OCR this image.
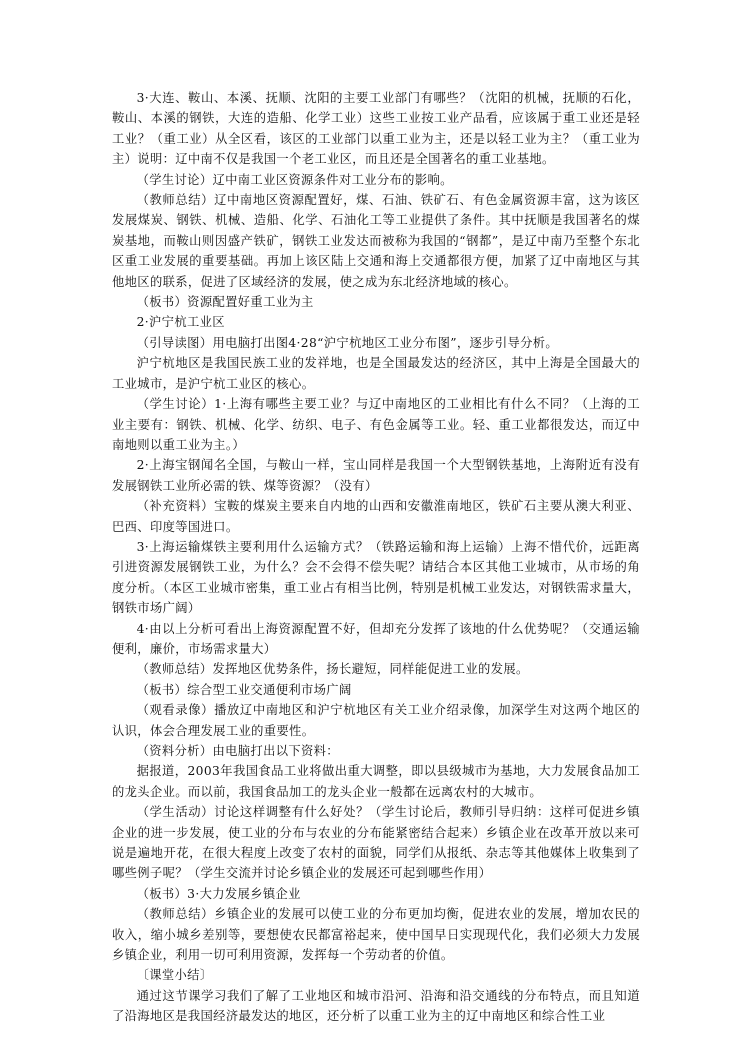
3·大连、鞍山、本溪、抚顺、沈阳的主要工业部门有哪些？（沈阳的机械，抚顺的石化，鞍山、本溪的钢铁，大连的造船、化学工业）这些工业按工业产品看，应该属于重工业还是轻工业？（重工业）从全区看，该区的工业部门以重工业为主，还是以轻工业为主？（重工业为主）说明：辽中南不仅是我国一个老工业区，而且还是全国著名的重工业基地。

（学生讨论）辽中南工业区资源条件对工业分布的影响。

（教师总结）辽中南地区资源配置好，煤、石油、铁矿石、有色金属资源丰富，这为该区发展煤炭、钢铁、机械、造船、化学、石油化工等工业提供了条件。其中抚顺是我国著名的煤炭基地，而鞍山则因盛产铁矿，钢铁工业发达而被称为我国的“钢都”，是辽中南乃至整个东北区重工业发展的重要基础。再加上该区陆上交通和海上交通都很方便，加紧了辽中南地区与其他地区的联系，促进了区域经济的发展，使之成为东北经济地域的核心。

（板书）资源配置好重工业为主

2·沪宁杭工业区

（引导读图）用电脑打出图4·28“沪宁杭地区工业分布图”，逐步引导分析。

沪宁杭地区是我国民族工业的发祥地，也是全国最发达的经济区，其中上海是全国最大的工业城市，是沪宁杭工业区的核心。

（学生讨论）1·上海有哪些主要工业？与辽中南地区的工业相比有什么不同？（上海的工业主要有：钢铁、机械、化学、纺织、电子、有色金属等工业。轻、重工业都很发达，而辽中南地则以重工业为主。）

2·上海宝钢闻名全国，与鞍山一样，宝山同样是我国一个大型钢铁基地，上海附近有没有发展钢铁工业所必需的铁、煤等资源？（没有）

（补充资料）宝鞍的煤炭主要来自内地的山西和安徽淮南地区，铁矿石主要从澳大利亚、巴西、印度等国进口。

3·上海运输煤铁主要利用什么运输方式？（铁路运输和海上运输）上海不惜代价，远距离引进资源发展钢铁工业，为什么？会不会得不偿失呢？请结合本区其他工业城市，从市场的角度分析。（本区工业城市密集，重工业占有相当比例，特别是机械工业发达，对钢铁需求量大，钢铁市场广阔）

4·由以上分析可看出上海资源配置不好，但却充分发挥了该地的什么优势呢？（交通运输便利，廉价，市场需求量大）

（教师总结）发挥地区优势条件，扬长避短，同样能促进工业的发展。

（板书）综合型工业交通便利市场广阔

（观看录像）播放辽中南地区和沪宁杭地区有关工业介绍录像，加深学生对这两个地区的认识，体会合理发展工业的重要性。

（资料分析）由电脑打出以下资料：

据报道，2003年我国食品工业将做出重大调整，即以县级城市为基地，大力发展食品加工的龙头企业。而以前，我国食品加工的龙头企业一般都在远离农村的大城市。

（学生活动）讨论这样调整有什么好处？（学生讨论后，教师引导归纳：这样可促进乡镇企业的进一步发展，使工业的分布与农业的分布能紧密结合起来）乡镇企业在改革开放以来可说是遍地开花，在很大程度上改变了农村的面貌，同学们从报纸、杂志等其他媒体上收集到了哪些例子呢？（学生交流并讨论乡镇企业的发展还可起到哪些作用）

（板书）3·大力发展乡镇企业

（教师总结）乡镇企业的发展可以使工业的分布更加均衡，促进农业的发展，增加农民的收入，缩小城乡差别等，要想使农民都富裕起来，使中国早日实现现代化，我们必须大力发展乡镇企业，利用一切可利用资源，发挥每一个劳动者的价值。

〔课堂小结〕

通过这节课学习我们了解了工业地区和城市沿河、沿海和沿交通线的分布特点，而且知道了沿海地区是我国经济最发达的地区，还分析了以重工业为主的辽中南地区和综合性工业
